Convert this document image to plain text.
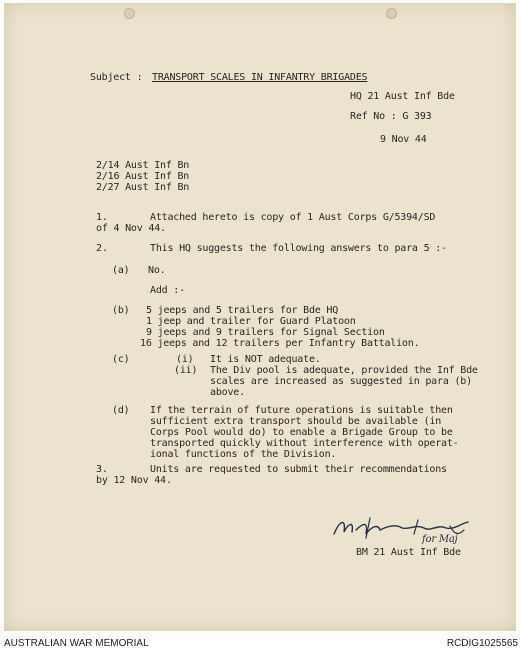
Subject : TRANSPORT SCALES IN INFANTRY BRIGADES
HQ 21 Aust Inf Bde
Ref No : G 393
9 Nov 44
2/14 Aust Inf Bn
2/16 Aust Inf Bn
2/27 Aust Inf Bn
1.	Attached hereto is copy of 1 Aust Corps G/5394/SD
of 4 Nov 44.
2.	This HQ suggests the following answers to para 5 :-
(a) No.
Add :-
(b) 5 jeeps and 5 trailers for Bde HQ
1 jeep and trailer for Guard Platoon
9 jeeps and 9 trailers for Signal Section
16 jeeps and 12 trailers per Infantry Battalion.
(c)	(i) It is NOT adequate.
(ii) The Div pool is adequate, provided the Inf Bde
scales are increased as suggested in para (b)
above.
(d) If the terrain of future operations is suitable then
sufficient extra transport should be available (in
Corps Pool would do) to enable a Brigade Group to be
transported quickly without interference with operat-
ional functions of the Division.
3.	Units are requested to submit their recommendations
by 12 Nov 44.
for Maj
BM 21 Aust Inf Bde
AUSTRALIAN WAR MEMORIAL	RCDIG1025565
